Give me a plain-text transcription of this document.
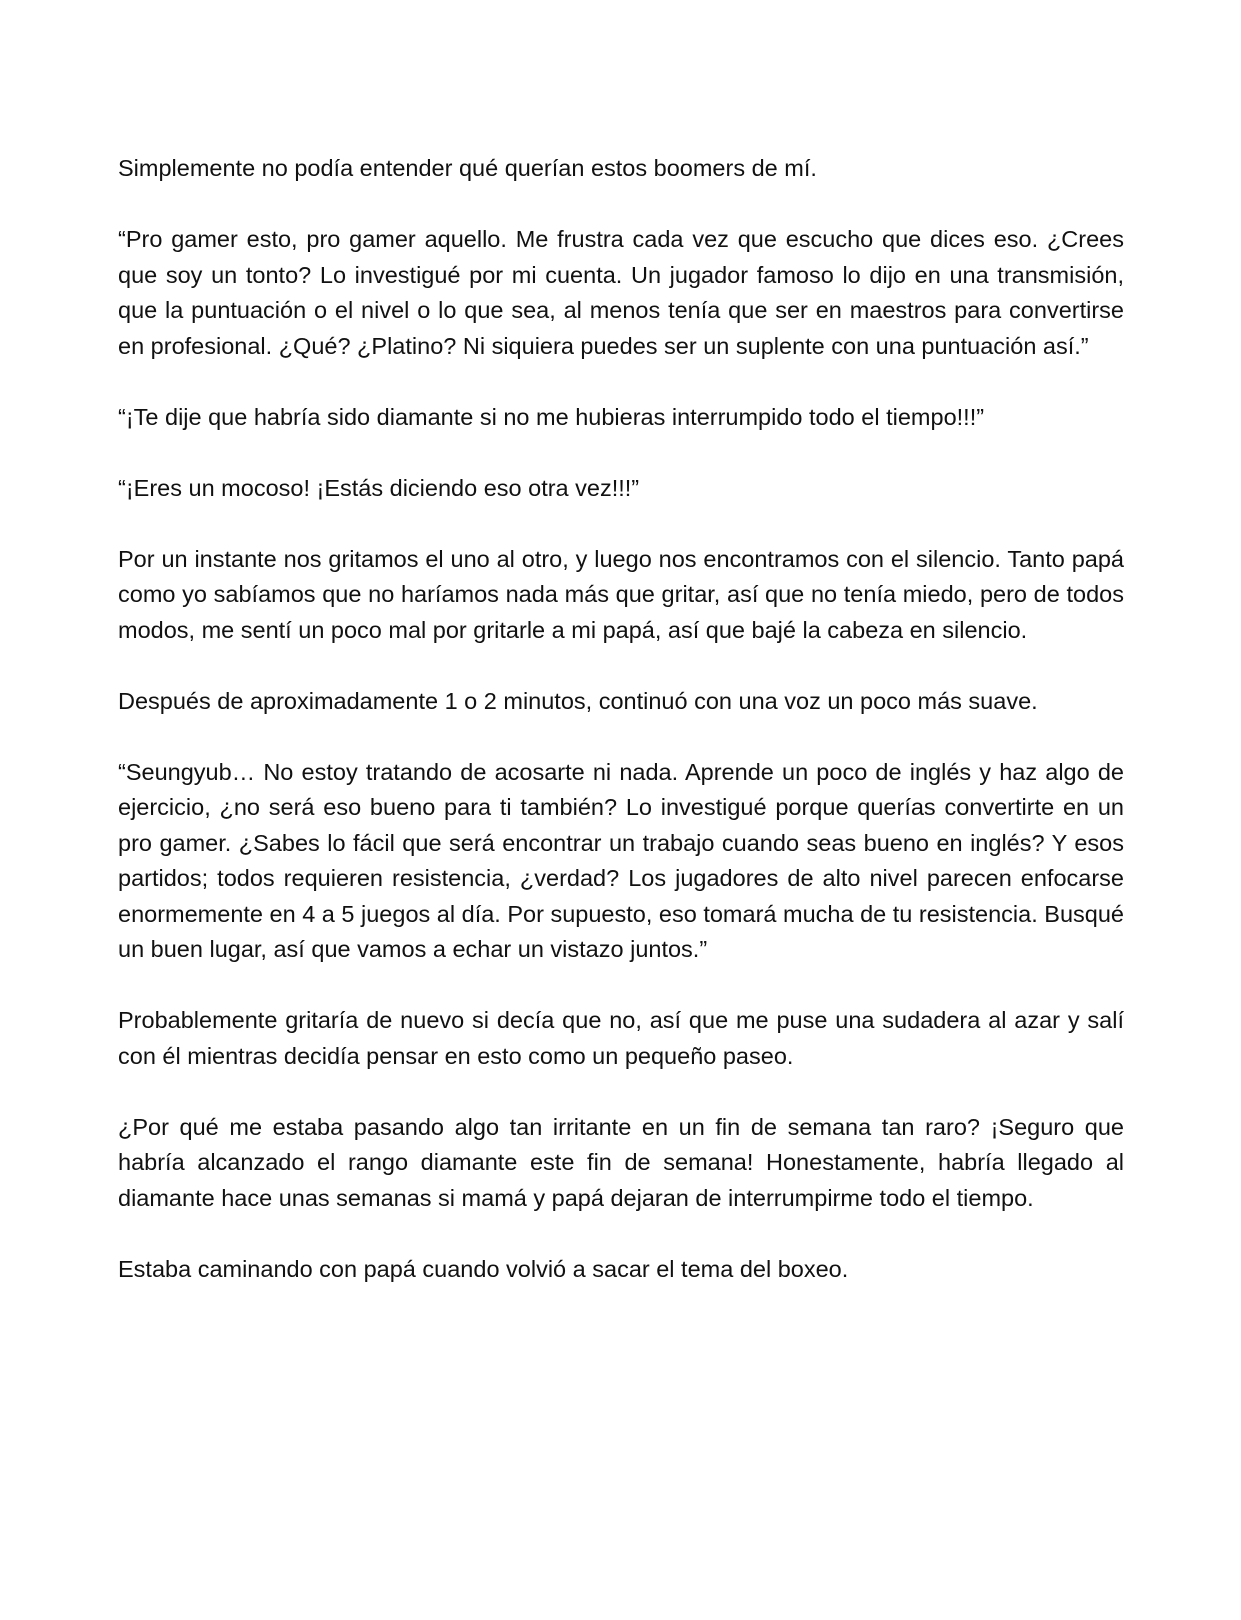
Simplemente no podía entender qué querían estos boomers de mí.

“Pro gamer esto, pro gamer aquello. Me frustra cada vez que escucho que dices eso. ¿Crees que soy un tonto? Lo investigué por mi cuenta. Un jugador famoso lo dijo en una transmisión, que la puntuación o el nivel o lo que sea, al menos tenía que ser en maestros para convertirse en profesional. ¿Qué? ¿Platino? Ni siquiera puedes ser un suplente con una puntuación así.”

“¡Te dije que habría sido diamante si no me hubieras interrumpido todo el tiempo!!!”

“¡Eres un mocoso! ¡Estás diciendo eso otra vez!!!”

Por un instante nos gritamos el uno al otro, y luego nos encontramos con el silencio. Tanto papá como yo sabíamos que no haríamos nada más que gritar, así que no tenía miedo, pero de todos modos, me sentí un poco mal por gritarle a mi papá, así que bajé la cabeza en silencio.

Después de aproximadamente 1 o 2 minutos, continuó con una voz un poco más suave.

“Seungyub… No estoy tratando de acosarte ni nada. Aprende un poco de inglés y haz algo de ejercicio, ¿no será eso bueno para ti también? Lo investigué porque querías convertirte en un pro gamer. ¿Sabes lo fácil que será encontrar un trabajo cuando seas bueno en inglés? Y esos partidos; todos requieren resistencia, ¿verdad? Los jugadores de alto nivel parecen enfocarse enormemente en 4 a 5 juegos al día. Por supuesto, eso tomará mucha de tu resistencia. Busqué un buen lugar, así que vamos a echar un vistazo juntos.”

Probablemente gritaría de nuevo si decía que no, así que me puse una sudadera al azar y salí con él mientras decidía pensar en esto como un pequeño paseo.

¿Por qué me estaba pasando algo tan irritante en un fin de semana tan raro? ¡Seguro que habría alcanzado el rango diamante este fin de semana! Honestamente, habría llegado al diamante hace unas semanas si mamá y papá dejaran de interrumpirme todo el tiempo.

Estaba caminando con papá cuando volvió a sacar el tema del boxeo.
